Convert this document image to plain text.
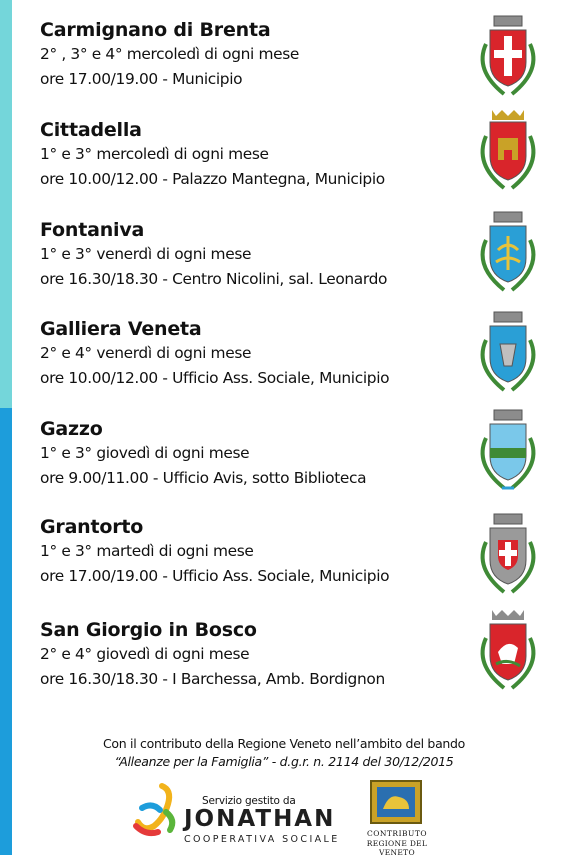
Carmignano di Brenta
2° , 3° e 4° mercoledì di ogni mese
ore 17.00/19.00 - Municipio
Cittadella
1° e 3° mercoledì di ogni mese
ore 10.00/12.00 - Palazzo Mantegna, Municipio
Fontaniva
1° e 3° venerdì di ogni mese
ore 16.30/18.30 - Centro Nicolini, sal. Leonardo
Galliera Veneta
2° e 4° venerdì di ogni mese
ore 10.00/12.00 - Ufficio Ass. Sociale, Municipio
Gazzo
1° e 3° giovedì di ogni mese
ore 9.00/11.00 - Ufficio Avis, sotto Biblioteca
Grantorto
1° e 3° martedì di ogni mese
ore 17.00/19.00 - Ufficio Ass. Sociale, Municipio
San Giorgio in Bosco
2° e 4° giovedì di ogni mese
ore 16.30/18.30 - I Barchessa, Amb. Bordignon
Con il contributo della Regione Veneto nell’ambito del bando
“Alleanze per la Famiglia” - d.g.r. n. 2114 del 30/12/2015
Servizio gestito da
JONATHAN
COOPERATIVA SOCIALE
CONTRIBUTO
REGIONE DEL VENETO
